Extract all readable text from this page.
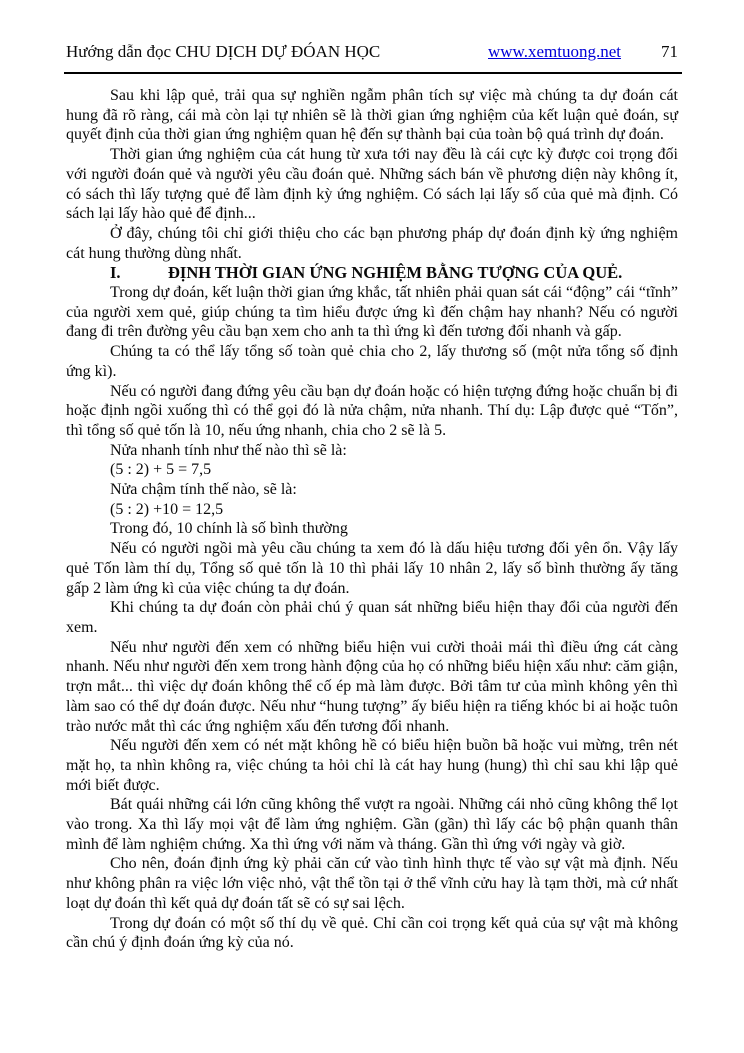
Hướng dẫn đọc CHU DỊCH DỰ ĐÓAN HỌC	www.xemtuong.net 71

Sau khi lập quẻ, trải qua sự nghiền ngẫm phân tích sự việc mà chúng ta dự đoán cát hung đã rõ ràng, cái mà còn lại tự nhiên sẽ là thời gian ứng nghiệm của kết luận quẻ đoán, sự quyết định của thời gian ứng nghiệm quan hệ đến sự thành bại của toàn bộ quá trình dự đoán.

Thời gian ứng nghiệm của cát hung từ xưa tới nay đều là cái cực kỳ được coi trọng đối với người đoán quẻ và người yêu cầu đoán quẻ. Những sách bán về phương diện này không ít, có sách thì lấy tượng quẻ để làm định kỳ ứng nghiệm. Có sách lại lấy số của quẻ mà định. Có sách lại lấy hào quẻ để định...

Ở đây, chúng tôi chỉ giới thiệu cho các bạn phương pháp dự đoán định kỳ ứng nghiệm cát hung thường dùng nhất.

I.	ĐỊNH THỜI GIAN ỨNG NGHIỆM BẰNG TƯỢNG CỦA QUẺ.

Trong dự đoán, kết luận thời gian ứng khắc, tất nhiên phải quan sát cái “động” cái “tĩnh” của người xem quẻ, giúp chúng ta tìm hiểu được ứng kì đến chậm hay nhanh? Nếu có người đang đi trên đường yêu cầu bạn xem cho anh ta thì ứng kì đến tương đối nhanh và gấp.

Chúng ta có thể lấy tổng số toàn quẻ chia cho 2, lấy thương số (một nửa tổng số định ứng kì).

Nếu có người đang đứng yêu cầu bạn dự đoán hoặc có hiện tượng đứng hoặc chuẩn bị đi hoặc định ngồi xuống thì có thể gọi đó là nửa chậm, nửa nhanh. Thí dụ: Lập được quẻ “Tốn”, thì tổng số quẻ tốn là 10, nếu ứng nhanh, chia cho 2 sẽ là 5.

Nửa nhanh tính như thế nào thì sẽ là:

(5 : 2) + 5 = 7,5

Nửa chậm tính thế nào, sẽ là:

(5 : 2) +10 = 12,5

Trong đó, 10 chính là số bình thường

Nếu có người ngồi mà yêu cầu chúng ta xem đó là dấu hiệu tương đối yên ổn. Vậy lấy quẻ Tốn làm thí dụ, Tổng số quẻ tốn là 10 thì phải lấy 10 nhân 2, lấy số bình thường ấy tăng gấp 2 làm ứng kì của việc chúng ta dự đoán.

Khi chúng ta dự đoán còn phải chú ý quan sát những biểu hiện thay đổi của người đến xem.

Nếu như người đến xem có những biểu hiện vui cười thoải mái thì điều ứng cát càng nhanh. Nếu như người đến xem trong hành động của họ có những biểu hiện xấu như: căm giận, trợn mắt... thì việc dự đoán không thể cố ép mà làm được. Bởi tâm tư của mình không yên thì làm sao có thể dự đoán được. Nếu như “hung tượng” ấy biểu hiện ra tiếng khóc bi ai hoặc tuôn trào nước mắt thì các ứng nghiệm xấu đến tương đối nhanh.

Nếu người đến xem có nét mặt không hề có biểu hiện buồn bã hoặc vui mừng, trên nét mặt họ, ta nhìn không ra, việc chúng ta hỏi chỉ là cát hay hung (hung) thì chỉ sau khi lập quẻ mới biết được.

Bát quái những cái lớn cũng không thể vượt ra ngoài. Những cái nhỏ cũng không thể lọt vào trong. Xa thì lấy mọi vật để làm ứng nghiệm. Gần (gần) thì lấy các bộ phận quanh thân mình để làm nghiệm chứng. Xa thì ứng với năm và tháng. Gần thì ứng với ngày và giờ.

Cho nên, đoán định ứng kỳ phải căn cứ vào tình hình thực tế vào sự vật mà định. Nếu như không phân ra việc lớn việc nhỏ, vật thể tồn tại ở thể vĩnh cửu hay là tạm thời, mà cứ nhất loạt dự đoán thì kết quả dự đoán tất sẽ có sự sai lệch.

Trong dự đoán có một số thí dụ về quẻ. Chỉ cần coi trọng kết quả của sự vật mà không cần chú ý định đoán ứng kỳ của nó.
